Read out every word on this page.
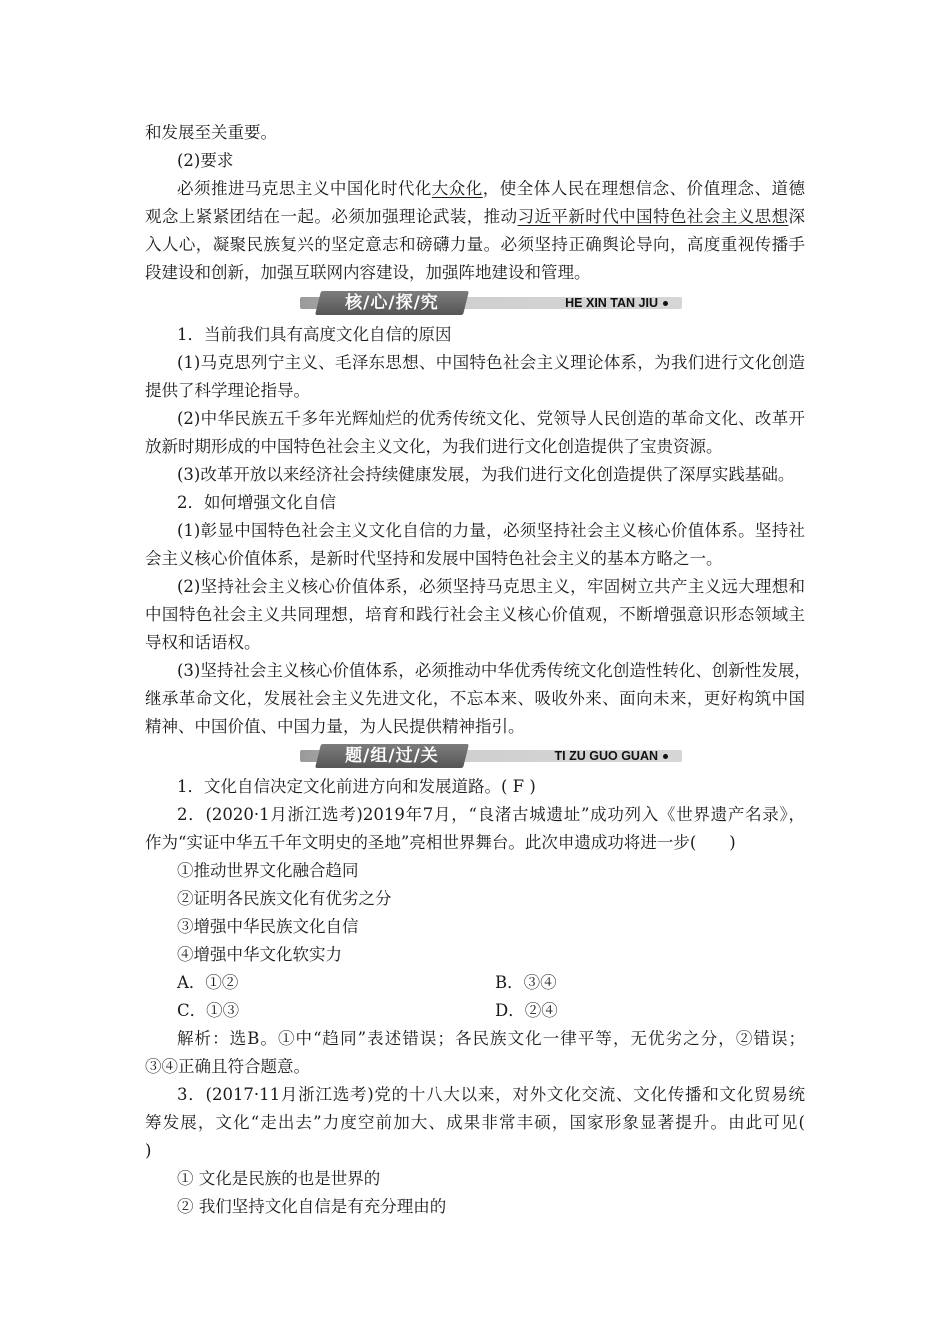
和发展至关重要。
(2)要求
必须推进马克思主义中国化时代化大众化，使全体人民在理想信念、价值理念、道德
观念上紧紧团结在一起。必须加强理论武装，推动习近平新时代中国特色社会主义思想深
入人心，凝聚民族复兴的坚定意志和磅礴力量。必须坚持正确舆论导向，高度重视传播手
段建设和创新，加强互联网内容建设，加强阵地建设和管理。
核/心/探/究	HE XIN TAN JIU
1．当前我们具有高度文化自信的原因
(1)马克思列宁主义、毛泽东思想、中国特色社会主义理论体系，为我们进行文化创造
提供了科学理论指导。
(2)中华民族五千多年光辉灿烂的优秀传统文化、党领导人民创造的革命文化、改革开
放新时期形成的中国特色社会主义文化，为我们进行文化创造提供了宝贵资源。
(3)改革开放以来经济社会持续健康发展，为我们进行文化创造提供了深厚实践基础。
2．如何增强文化自信
(1)彰显中国特色社会主义文化自信的力量，必须坚持社会主义核心价值体系。坚持社
会主义核心价值体系，是新时代坚持和发展中国特色社会主义的基本方略之一。
(2)坚持社会主义核心价值体系，必须坚持马克思主义，牢固树立共产主义远大理想和
中国特色社会主义共同理想，培育和践行社会主义核心价值观，不断增强意识形态领域主
导权和话语权。
(3)坚持社会主义核心价值体系，必须推动中华优秀传统文化创造性转化、创新性发展，
继承革命文化，发展社会主义先进文化，不忘本来、吸收外来、面向未来，更好构筑中国
精神、中国价值、中国力量，为人民提供精神指引。
题/组/过/关	TI ZU GUO GUAN
1．文化自信决定文化前进方向和发展道路。( F )
2．(2020·1月浙江选考)2019年7月，“良渚古城遗址”成功列入《世界遗产名录》，
作为“实证中华五千年文明史的圣地”亮相世界舞台。此次申遗成功将进一步(　　)
①推动世界文化融合趋同
②证明各民族文化有优劣之分
③增强中华民族文化自信
④增强中华文化软实力
A．①②	B．③④
C．①③	D．②④
解析：选B。①中“趋同”表述错误；各民族文化一律平等，无优劣之分，②错误；
③④正确且符合题意。
3．(2017·11月浙江选考)党的十八大以来，对外文化交流、文化传播和文化贸易统
筹发展，文化“走出去”力度空前加大、成果非常丰硕，国家形象显著提升。由此可见(
)
① 文化是民族的也是世界的
② 我们坚持文化自信是有充分理由的
